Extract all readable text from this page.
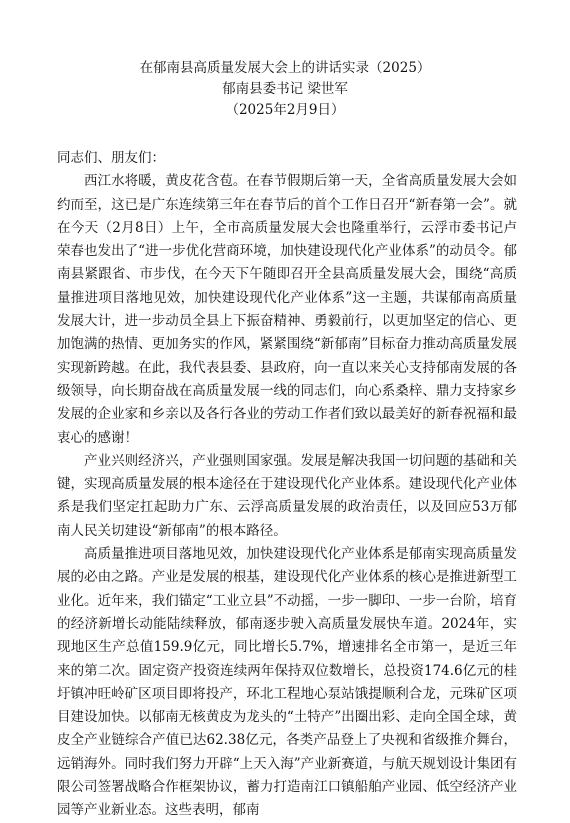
在郁南县高质量发展大会上的讲话实录（2025）
郁南县委书记 梁世军
（2025年2月9日）

同志们、朋友们：

西江水将暖，黄皮花含苞。在春节假期后第一天，全省高质量发展大会如约而至，这已是广东连续第三年在春节后的首个工作日召开“新春第一会”。就在今天（2月8日）上午，全市高质量发展大会也隆重举行，云浮市委书记卢荣春也发出了“进一步优化营商环境，加快建设现代化产业体系”的动员令。郁南县紧跟省、市步伐，在今天下午随即召开全县高质量发展大会，围绕“高质量推进项目落地见效，加快建设现代化产业体系”这一主题，共谋郁南高质量发展大计，进一步动员全县上下振奋精神、勇毅前行，以更加坚定的信心、更加饱满的热情、更加务实的作风，紧紧围绕“新郁南”目标奋力推动高质量发展实现新跨越。在此，我代表县委、县政府，向一直以来关心支持郁南发展的各级领导，向长期奋战在高质量发展一线的同志们，向心系桑梓、鼎力支持家乡发展的企业家和乡亲以及各行各业的劳动工作者们致以最美好的新春祝福和最衷心的感谢！

产业兴则经济兴，产业强则国家强。发展是解决我国一切问题的基础和关键，实现高质量发展的根本途径在于建设现代化产业体系。建设现代化产业体系是我们坚定扛起助力广东、云浮高质量发展的政治责任，以及回应53万郁南人民关切建设“新郁南”的根本路径。

高质量推进项目落地见效，加快建设现代化产业体系是郁南实现高质量发展的必由之路。产业是发展的根基，建设现代化产业体系的核心是推进新型工业化。近年来，我们锚定“工业立县”不动摇，一步一脚印、一步一台阶，培育的经济新增长动能陆续释放，郁南逐步驶入高质量发展快车道。2024年，实现地区生产总值159.9亿元，同比增长5.7%，增速排名全市第一，是近三年来的第二次。固定资产投资连续两年保持双位数增长，总投资174.6亿元的桂圩镇冲旺岭矿区项目即将投产，环北工程地心泵站饿提顺利合龙，元珠矿区项目建设加快。以郁南无核黄皮为龙头的“土特产”出圈出彩、走向全国全球，黄皮全产业链综合产值已达62.38亿元，各类产品登上了央视和省级推介舞台，远销海外。同时我们努力开辟“上天入海”产业新赛道，与航天规划设计集团有限公司签署战略合作框架协议，蓄力打造南江口镇船舶产业园、低空经济产业园等产业新业态。这些表明，郁南
